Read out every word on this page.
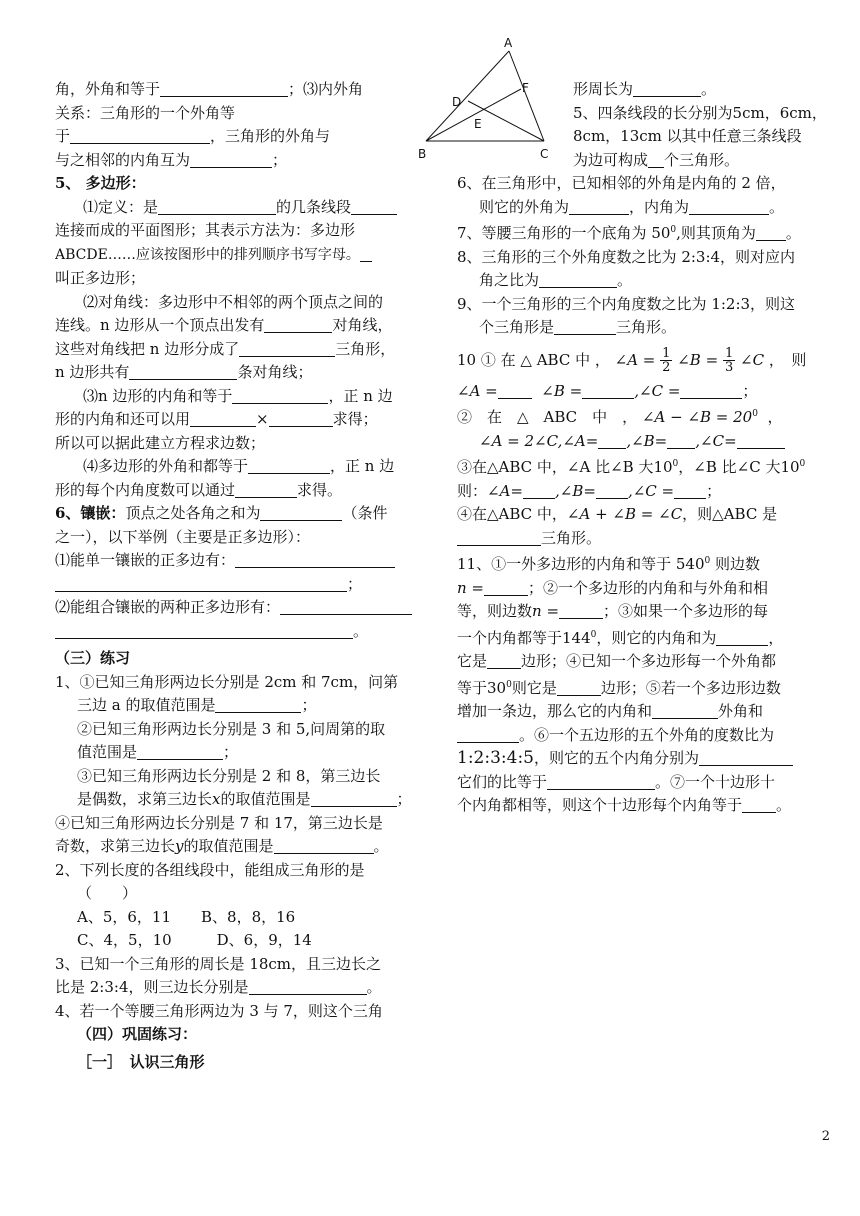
A
B	C
D
E
F
角，外角和等于	；⑶内外角
关系：三角形的一个外角等
于	，三角形的外角与
与之相邻的内角互为	；
5、 多边形：
⑴定义：是	的几条线段
连接而成的平面图形；其表示方法为：多边形
ABCDE……应该按图形中的排列顺序书写字母。
叫正多边形；
⑵对角线：多边形中不相邻的两个顶点之间的
连线。n 边形从一个顶点出发有	对角线，
这些对角线把 n 边形分成了	三角形，
n 边形共有	条对角线；
⑶n 边形的内角和等于	，正 n 边
形的内角和还可以用	×	求得；
所以可以据此建立方程求边数；
⑷多边形的外角和都等于	，正 n 边
形的每个内角度数可以通过	求得。
6、镶嵌：顶点之处各角之和为	（条件
之一），以下举例（主要是正多边形）：
⑴能单一镶嵌的正多边有：
；
⑵能组合镶嵌的两种正多边形有：
。
（三）练习
1、①已知三角形两边长分别是 2cm 和 7cm，问第
三边 a 的取值范围是	；
②已知三角形两边长分别是 3 和 5,问周第的取
值范围是	；
③已知三角形两边长分别是 2 和 8，第三边长
是偶数，求第三边长x的取值范围是	；
④已知三角形两边长分别是 7 和 17，第三边长是
奇数，求第三边长y的取值范围是	。
2、下列长度的各组线段中，能组成三角形的是
（　　）
A、5，6，11　　B、8，8，16
C、4，5，10　　　D、6，9，14
3、已知一个三角形的周长是 18cm，且三边长之
比是 2:3:4，则三边长分别是	。
4、若一个等腰三角形两边为 3 与 7，则这个三角
（四）巩固练习：
［一］　认识三角形
形周长为	。
5、四条线段的长分别为5cm，6cm，
8cm，13cm 以其中任意三条线段
为边可构成 个三角形。
6、在三角形中，已知相邻的外角是内角的 2 倍，
则它的外角为	，内角为	。
7、等腰三角形的一个底角为 $50^0$,则其顶角为 。
8、三角形的三个外角度数之比为 2:3:4，则对应内
角之比为	。
9、一个三角形的三个内角度数之比为 1:2:3，则这
个三角形是	三角形。
10 ① 在 △ ABC 中 ， ∠A = $\frac{1}{2}$ ∠B = $\frac{1}{3}$ ∠C ，　则
∠A =	∠B =	,∠C =	；
②　在　△　ABC　中　， ∠A − ∠B = $20^0$ ，
∠A = 2∠C,∠A= ,∠B= ,∠C=
③在△ABC 中，∠A 比∠B 大$10^0$，∠B 比∠C 大$10^0$
则：∠A= ,∠B= ,∠C = ；
④在△ABC 中，∠A + ∠B = ∠C，则△ABC 是
三角形。
11、①一外多边形的内角和等于 $540^0$ 则边数
n =	；②一个多边形的内角和与外角和相
等，则边数n =	；③如果一个多边形的每
一个内角都等于$144^0$，则它的内角和为	，
它是 边形；④已知一个多边形每一个外角都
等于$30^0$则它是	边形；⑤若一个多边形边数
增加一条边，那么它的内角和	外角和
。⑥一个五边形的五个外角的度数比为
1:2:3:4:5，则它的五个内角分别为
它们的比等于	。⑦一个十边形十
个内角都相等，则这个十边形每个内角等于 。
2
